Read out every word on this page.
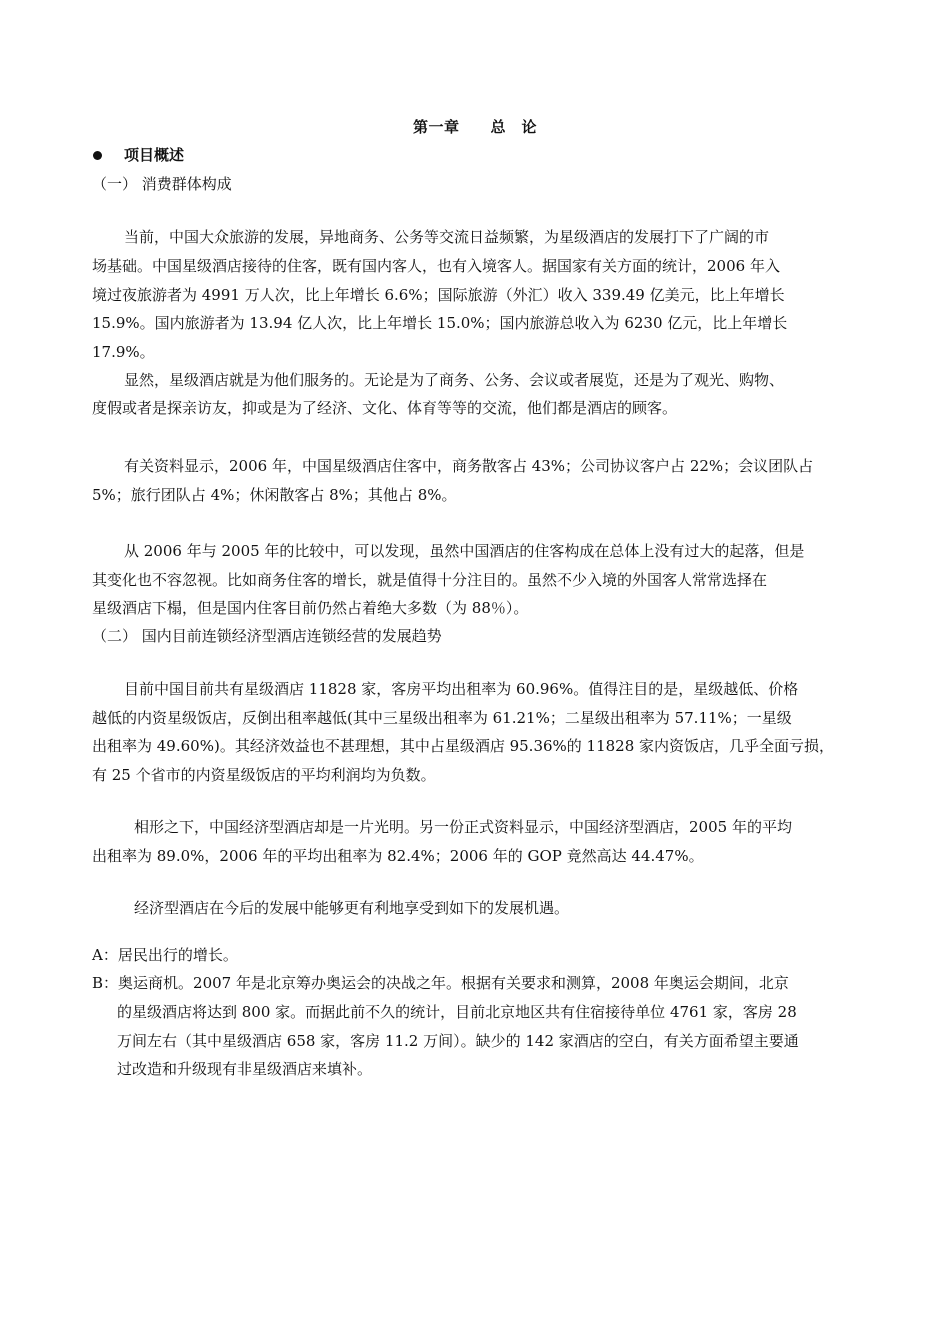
第一章　　总　论
项目概述
（一） 消费群体构成
当前，中国大众旅游的发展，异地商务、公务等交流日益频繁，为星级酒店的发展打下了广阔的市
场基础。中国星级酒店接待的住客，既有国内客人，也有入境客人。据国家有关方面的统计，2006 年入
境过夜旅游者为 4991 万人次，比上年增长 6.6%；国际旅游（外汇）收入 339.49 亿美元，比上年增长
15.9%。国内旅游者为 13.94 亿人次，比上年增长 15.0%；国内旅游总收入为 6230 亿元，比上年增长
17.9%。
显然，星级酒店就是为他们服务的。无论是为了商务、公务、会议或者展览，还是为了观光、购物、
度假或者是探亲访友，抑或是为了经济、文化、体育等等的交流，他们都是酒店的顾客。
有关资料显示，2006 年，中国星级酒店住客中，商务散客占 43%；公司协议客户占 22%；会议团队占
5%；旅行团队占 4%；休闲散客占 8%；其他占 8%。
从 2006 年与 2005 年的比较中，可以发现，虽然中国酒店的住客构成在总体上没有过大的起落，但是
其变化也不容忽视。比如商务住客的增长，就是值得十分注目的。虽然不少入境的外国客人常常选择在
星级酒店下榻，但是国内住客目前仍然占着绝大多数（为 88％）。
（二） 国内目前连锁经济型酒店连锁经营的发展趋势
目前中国目前共有星级酒店 11828 家，客房平均出租率为 60.96%。值得注目的是，星级越低、价格
越低的内资星级饭店，反倒出租率越低(其中三星级出租率为 61.21%；二星级出租率为 57.11%；一星级
出租率为 49.60%)。其经济效益也不甚理想，其中占星级酒店 95.36%的 11828 家内资饭店，几乎全面亏损，
有 25 个省市的内资星级饭店的平均利润均为负数。
相形之下，中国经济型酒店却是一片光明。另一份正式资料显示，中国经济型酒店，2005 年的平均
出租率为 89.0%，2006 年的平均出租率为 82.4%；2006 年的 GOP 竟然高达 44.47%。
经济型酒店在今后的发展中能够更有利地享受到如下的发展机遇。
A：居民出行的增长。
B：奥运商机。2007 年是北京筹办奥运会的决战之年。根据有关要求和测算，2008 年奥运会期间，北京
的星级酒店将达到 800 家。而据此前不久的统计，目前北京地区共有住宿接待单位 4761 家，客房 28
万间左右（其中星级酒店 658 家，客房 11.2 万间）。缺少的 142 家酒店的空白，有关方面希望主要通
过改造和升级现有非星级酒店来填补。
